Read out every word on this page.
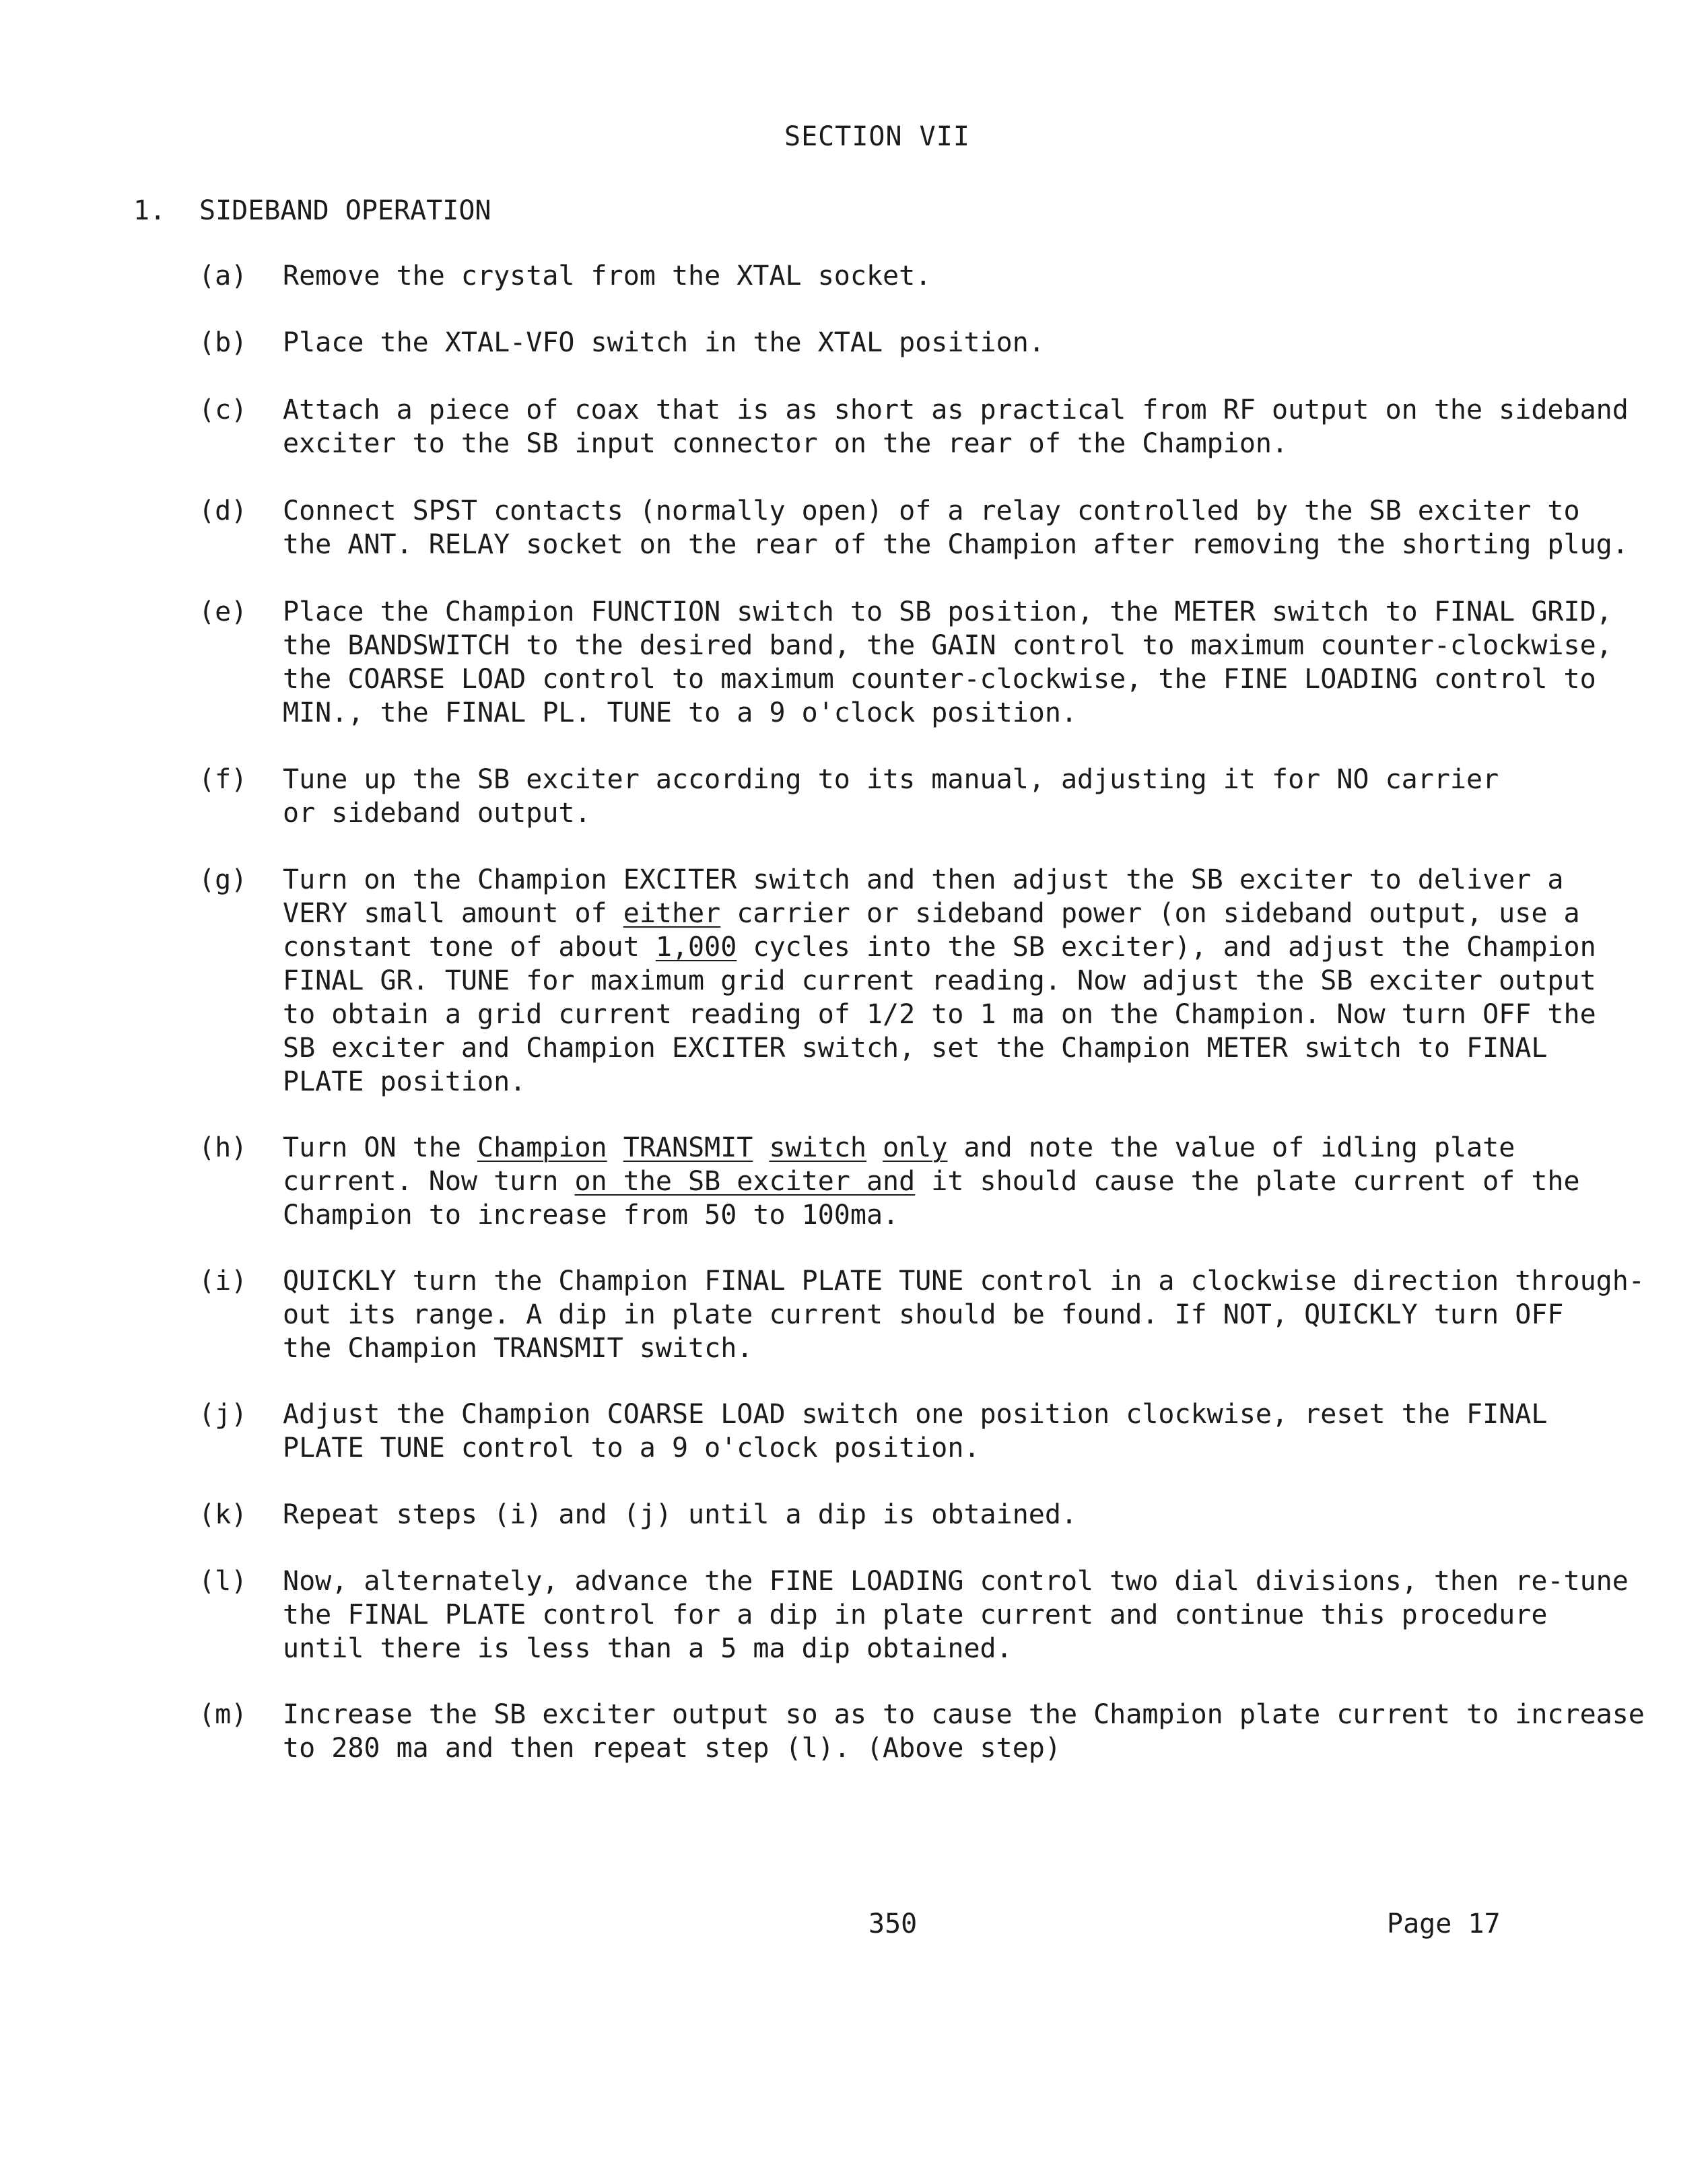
SECTION VII
1. SIDEBAND OPERATION
(a) Remove the crystal from the XTAL socket.
(b) Place the XTAL-VFO switch in the XTAL position.
(c) Attach a piece of coax that is as short as practical from RF output on the sideband
exciter to the SB input connector on the rear of the Champion.
(d) Connect SPST contacts (normally open) of a relay controlled by the SB exciter to
the ANT. RELAY socket on the rear of the Champion after removing the shorting plug.
(e) Place the Champion FUNCTION switch to SB position, the METER switch to FINAL GRID,
the BANDSWITCH to the desired band, the GAIN control to maximum counter-clockwise,
the COARSE LOAD control to maximum counter-clockwise, the FINE LOADING control to
MIN., the FINAL PL. TUNE to a 9 o'clock position.
(f) Tune up the SB exciter according to its manual, adjusting it for NO carrier
or sideband output.
(g) Turn on the Champion EXCITER switch and then adjust the SB exciter to deliver a
VERY small amount of either carrier or sideband power (on sideband output, use a
constant tone of about 1,000 cycles into the SB exciter), and adjust the Champion
FINAL GR. TUNE for maximum grid current reading. Now adjust the SB exciter output
to obtain a grid current reading of 1/2 to 1 ma on the Champion. Now turn OFF the
SB exciter and Champion EXCITER switch, set the Champion METER switch to FINAL
PLATE position.
(h) Turn ON the Champion TRANSMIT switch only and note the value of idling plate
current. Now turn on the SB exciter and it should cause the plate current of the
Champion to increase from 50 to 100ma.
(i) QUICKLY turn the Champion FINAL PLATE TUNE control in a clockwise direction through-
out its range. A dip in plate current should be found. If NOT, QUICKLY turn OFF
the Champion TRANSMIT switch.
(j) Adjust the Champion COARSE LOAD switch one position clockwise, reset the FINAL
PLATE TUNE control to a 9 o'clock position.
(k) Repeat steps (i) and (j) until a dip is obtained.
(l) Now, alternately, advance the FINE LOADING control two dial divisions, then re-tune
the FINAL PLATE control for a dip in plate current and continue this procedure
until there is less than a 5 ma dip obtained.
(m) Increase the SB exciter output so as to cause the Champion plate current to increase
to 280 ma and then repeat step (l). (Above step)
350	Page 17
